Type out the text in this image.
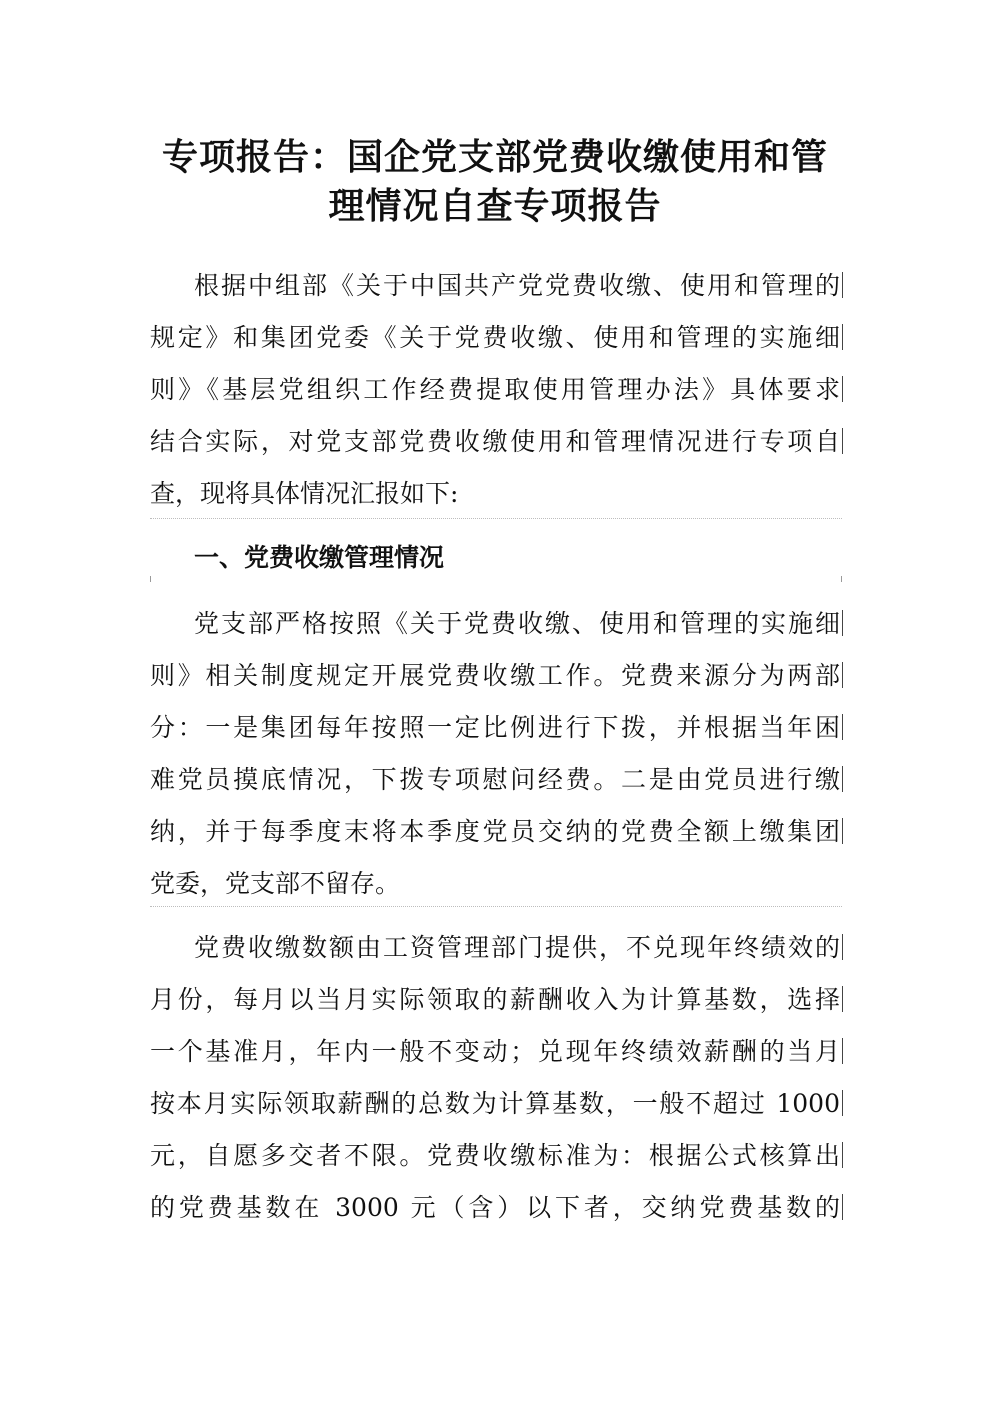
专项报告：国企党支部党费收缴使用和管
理情况自查专项报告
根据中组部《关于中国共产党党费收缴、使用和管理的
规定》和集团党委《关于党费收缴、使用和管理的实施细
则》《基层党组织工作经费提取使用管理办法》具体要求
结合实际，对党支部党费收缴使用和管理情况进行专项自
查，现将具体情况汇报如下:
一、党费收缴管理情况
党支部严格按照《关于党费收缴、使用和管理的实施细
则》相关制度规定开展党费收缴工作。党费来源分为两部
分：一是集团每年按照一定比例进行下拨，并根据当年困
难党员摸底情况，下拨专项慰问经费。二是由党员进行缴
纳，并于每季度末将本季度党员交纳的党费全额上缴集团
党委，党支部不留存。
党费收缴数额由工资管理部门提供，不兑现年终绩效的
月份，每月以当月实际领取的薪酬收入为计算基数，选择
一个基准月，年内一般不变动；兑现年终绩效薪酬的当月
按本月实际领取薪酬的总数为计算基数，一般不超过 1000
元，自愿多交者不限。党费收缴标准为：根据公式核算出
的党费基数在 3000 元（含）以下者，交纳党费基数的
